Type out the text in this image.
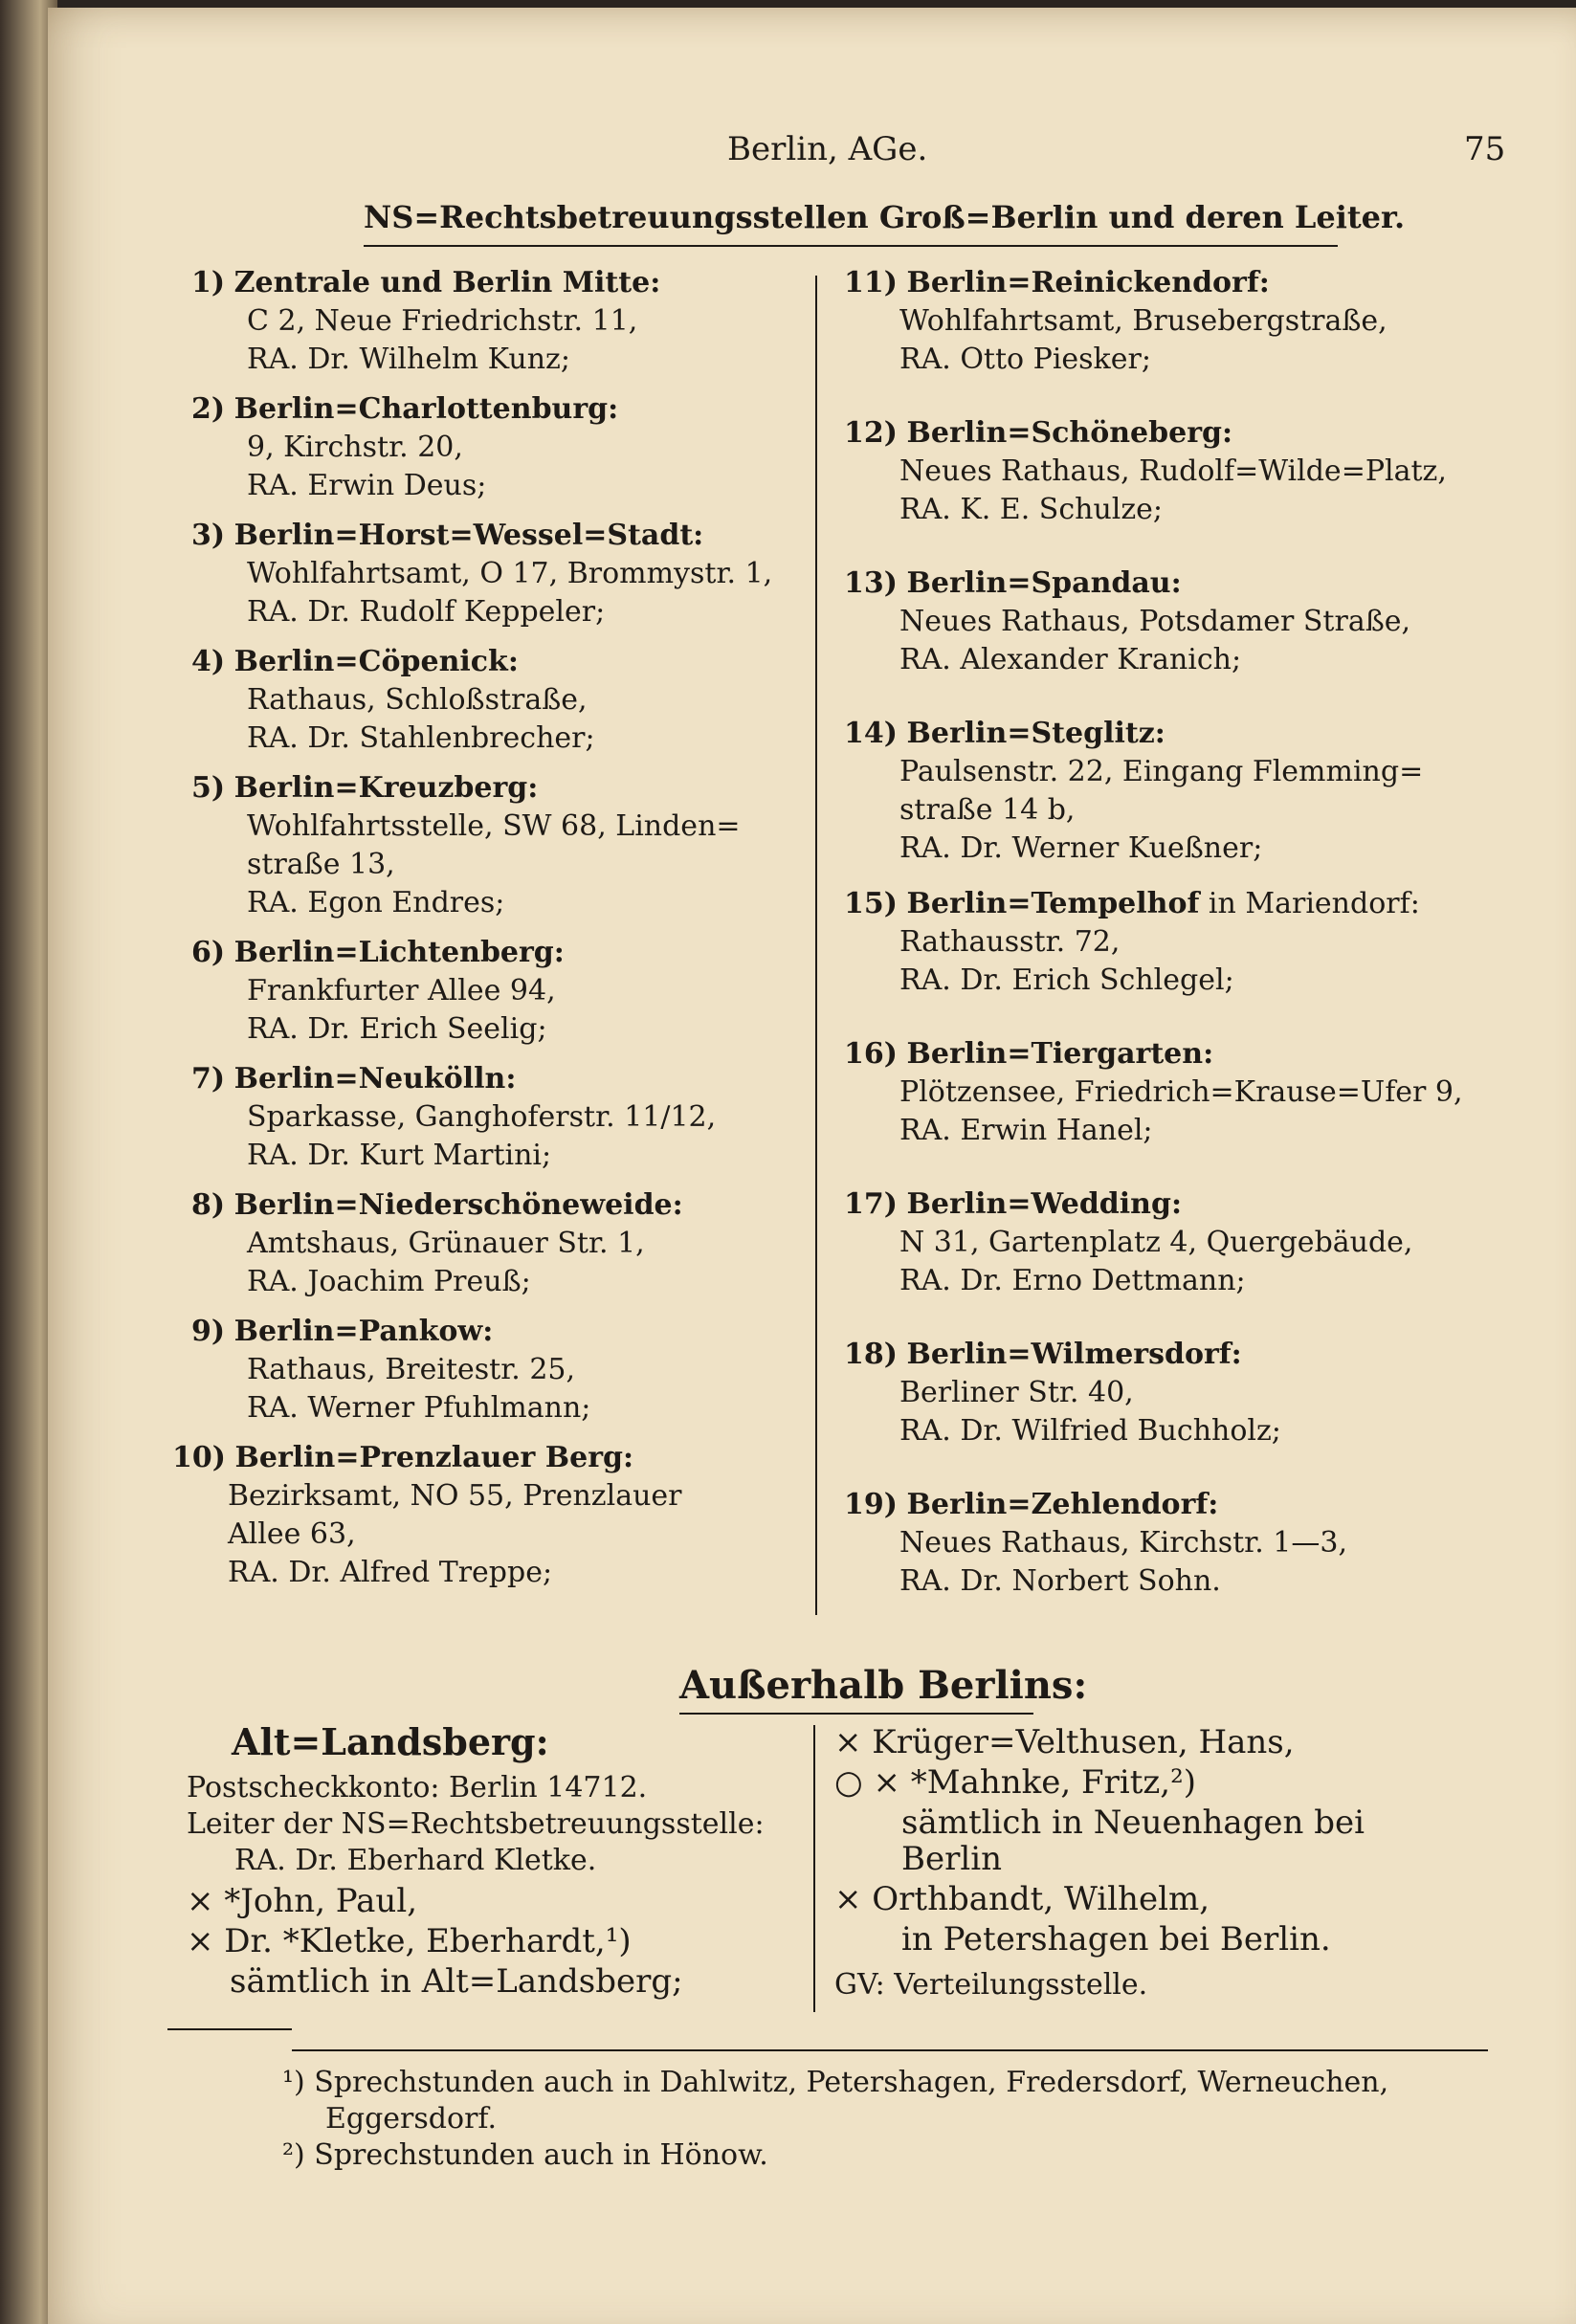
Berlin, AGe.	75
NS=Rechtsbetreuungsstellen Groß=Berlin und deren Leiter.
1) Zentrale und Berlin Mitte:
C 2, Neue Friedrichstr. 11,
RA. Dr. Wilhelm Kunz;
2) Berlin=Charlottenburg:
9, Kirchstr. 20,
RA. Erwin Deus;
3) Berlin=Horst=Wessel=Stadt:
Wohlfahrtsamt, O 17, Brommystr. 1,
RA. Dr. Rudolf Keppeler;
4) Berlin=Cöpenick:
Rathaus, Schloßstraße,
RA. Dr. Stahlenbrecher;
5) Berlin=Kreuzberg:
Wohlfahrtsstelle, SW 68, Linden=
straße 13,
RA. Egon Endres;
6) Berlin=Lichtenberg:
Frankfurter Allee 94,
RA. Dr. Erich Seelig;
7) Berlin=Neukölln:
Sparkasse, Ganghoferstr. 11/12,
RA. Dr. Kurt Martini;
8) Berlin=Niederschöneweide:
Amtshaus, Grünauer Str. 1,
RA. Joachim Preuß;
9) Berlin=Pankow:
Rathaus, Breitestr. 25,
RA. Werner Pfuhlmann;
10) Berlin=Prenzlauer Berg:
Bezirksamt, NO 55, Prenzlauer
Allee 63,
RA. Dr. Alfred Treppe;
11) Berlin=Reinickendorf:
Wohlfahrtsamt, Brusebergstraße,
RA. Otto Piesker;
12) Berlin=Schöneberg:
Neues Rathaus, Rudolf=Wilde=Platz,
RA. K. E. Schulze;
13) Berlin=Spandau:
Neues Rathaus, Potsdamer Straße,
RA. Alexander Kranich;
14) Berlin=Steglitz:
Paulsenstr. 22, Eingang Flemming=
straße 14 b,
RA. Dr. Werner Kueßner;
15) Berlin=Tempelhof in Mariendorf:
Rathausstr. 72,
RA. Dr. Erich Schlegel;
16) Berlin=Tiergarten:
Plötzensee, Friedrich=Krause=Ufer 9,
RA. Erwin Hanel;
17) Berlin=Wedding:
N 31, Gartenplatz 4, Quergebäude,
RA. Dr. Erno Dettmann;
18) Berlin=Wilmersdorf:
Berliner Str. 40,
RA. Dr. Wilfried Buchholz;
19) Berlin=Zehlendorf:
Neues Rathaus, Kirchstr. 1—3,
RA. Dr. Norbert Sohn.
Außerhalb Berlins:
Alt=Landsberg:
Postscheckkonto: Berlin 14712.
Leiter der NS=Rechtsbetreuungsstelle:
RA. Dr. Eberhard Kletke.
× *John, Paul,
× Dr. *Kletke, Eberhardt,¹)
sämtlich in Alt=Landsberg;
× Krüger=Velthusen, Hans,
○ × *Mahnke, Fritz,²)
sämtlich in Neuenhagen bei
Berlin
× Orthbandt, Wilhelm,
in Petershagen bei Berlin.
GV: Verteilungsstelle.
¹) Sprechstunden auch in Dahlwitz, Petershagen, Fredersdorf, Werneuchen,
Eggersdorf.
²) Sprechstunden auch in Hönow.
